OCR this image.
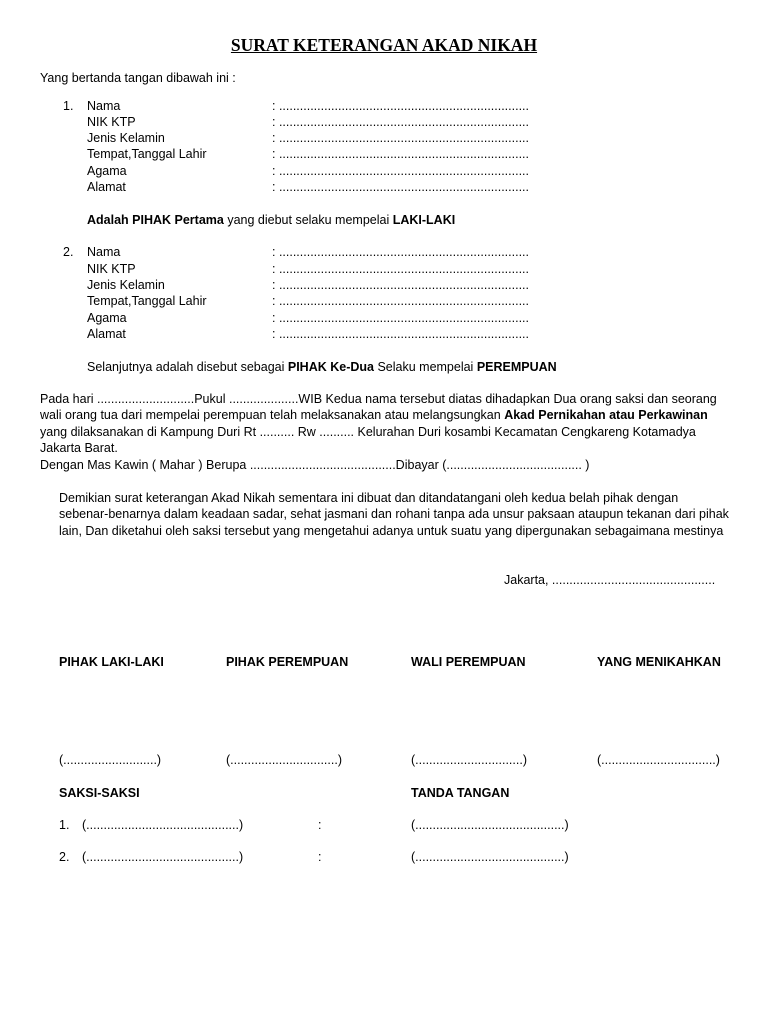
SURAT KETERANGAN AKAD NIKAH
Yang bertanda tangan dibawah ini :
1. Nama	: ........................................................................
NIK KTP	: ........................................................................
Jenis Kelamin	: ........................................................................
Tempat,Tanggal Lahir	: ........................................................................
Agama	: ........................................................................
Alamat	: ........................................................................
Adalah PIHAK Pertama yang diebut selaku mempelai LAKI-LAKI
2. Nama	: ........................................................................
NIK KTP	: ........................................................................
Jenis Kelamin	: ........................................................................
Tempat,Tanggal Lahir	: ........................................................................
Agama	: ........................................................................
Alamat	: ........................................................................
Selanjutnya adalah disebut sebagai PIHAK Ke-Dua Selaku mempelai PEREMPUAN
Pada hari ............................Pukul ....................WIB Kedua nama tersebut diatas dihadapkan Dua orang saksi dan seorang wali orang tua dari mempelai perempuan telah melaksanakan atau melangsungkan Akad Pernikahan atau Perkawinan yang dilaksanakan di Kampung Duri Rt .......... Rw .......... Kelurahan Duri kosambi Kecamatan Cengkareng Kotamadya Jakarta Barat.
Dengan Mas Kawin ( Mahar ) Berupa ..........................................Dibayar (....................................... )
Demikian surat keterangan Akad Nikah sementara ini dibuat dan ditandatangani oleh kedua belah pihak dengan sebenar-benarnya dalam keadaan sadar, sehat jasmani dan rohani tanpa ada unsur paksaan ataupun tekanan dari pihak lain, Dan diketahui oleh saksi tersebut yang mengetahui adanya untuk suatu yang dipergunakan sebagaimana mestinya
Jakarta, ...............................................
PIHAK LAKI-LAKI	PIHAK PEREMPUAN	WALI PEREMPUAN	YANG MENIKAHKAN
(...........................)	(...............................)	(...............................)	(.................................)
SAKSI-SAKSI	TANDA TANGAN
1. (............................................)	:	(...........................................)
2. (............................................)	:	(...........................................)
